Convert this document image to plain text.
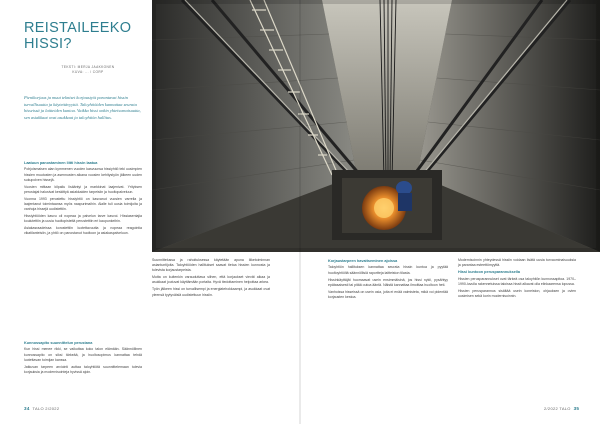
REISTAILEEKO
HISSI?
TEKSTI: MERJA JAAKKONEN
KUVA: ... / CORP

Pienikorjaus ja muut tekniset korjaustyöt parantavat hissin turvallisuutta ja käytettävyyttä. Taloyhtiöiden kannattaa seurata hisseissä ja laitteiden kuntoa. Vaikka hissi onkin yhteisomaisuutta, sen asiakkaat ovat asukkaat ja taloyhtiön hallitus.

Laatuun panostaminen liitti hissin laatua

Pohjoismaisen alan kymmenen vuoden kasvuunsa hissiyhtiö teki uusimpien hissien muutosten ja asennusten aikana vuosien kehitystyön jälkeen uuden sukupolven hissejä.

Vuosien mittaan kilpailu lisääntyi ja markkinat laajenivat. Yrityksen perustajat halusivat keskittyä asiakkaiden tarpeisiin ja huoltopalveluun.

Vuonna 1993 perustettu hissiyhtiö on kasvanut vuosien varrella ja laajentanut toimintaansa myös naapurimaihin. Alalle tuli uusia toimijoita ja vanhoja hissejä uudistettiin.

Hissiyhtiöiden kasvu oli nopeaa ja palvelun tarve kasvoi. Hissiasentajia koulutettiin ja uusia huoltopisteitä perustettiin eri kaupunkeihin.

Asiakasraadeissa korostettiin luotettavuutta ja nopeaa reagointia vikatilanteisiin, ja yhtiö on panostanut huoltoon ja asiakaspalveluun.

Kunnossapito suunnittelun perustana

Kun hissi menee rikki, se vaikuttaa koko talon elämään. Säännöllinen kunnossapito on siksi tärkeää, ja huoltosopimus kannattaa tehdä luotettavan toimijan kanssa.

Jatkuvan tarpeen arviointi auttaa taloyhtiötä suunnittelemaan tulevia korjauksia ja modernisointeja hyvissä ajoin.

Suunnittelussa ja rahoituksessa käytetään apuna liiketoiminnan asiantuntijoita. Taloyhtiöiden hallitukset saavat tietoa hissien kunnosta ja tulevista korjaustarpeista.

Mutta on kuitenkin varauduttava siihen, että korjaukset vievät aikaa ja asukkaat joutuvat käyttämään portaita. Hyvä tiedottaminen helpottaa arkea.

Työn jälkeen hissi on turvallisempi ja energiatehokkaampi, ja asukkaat ovat yleensä tyytyväisiä uudistettuun hissiin.

34 TALO 2/2022
Korjaustarpeen havaitseminen ajoissa

Taloyhtiön hallituksen kannattaa seurata hissin kuntoa ja pyytää huoltoyhtiöltä säännöllisiä raportteja laitteiston tilasta.

Hissinkäyttäjät huomaavat usein ensimmäisinä, jos hissi nykii, pysähtyy epätasaisesti tai pitää outoa ääntä. Näistä kannattaa ilmoittaa huoltoon heti.

Vanhoissa hisseissä on usein osia, joita ei enää valmisteta, mikä voi pidentää korjausten kestoa.

Modernisoinnin yhteydessä hissiin voidaan lisätä uusia turvaominaisuuksia ja parantaa esteettömyyttä.

Hissi kuntoon perusparannuksella

Hissien perusparannukset ovat tärkeä osa taloyhtiön kunnossapitoa. 1970–1990-luvulla rakennetuissa taloissa hissit alkavat olla elinkaarensa lopussa.

Hissien perusparannus sisältää usein koneiston, ohjauksen ja ovien uusimisen sekä korin modernisoinnin.

2/2022 TALO 35
